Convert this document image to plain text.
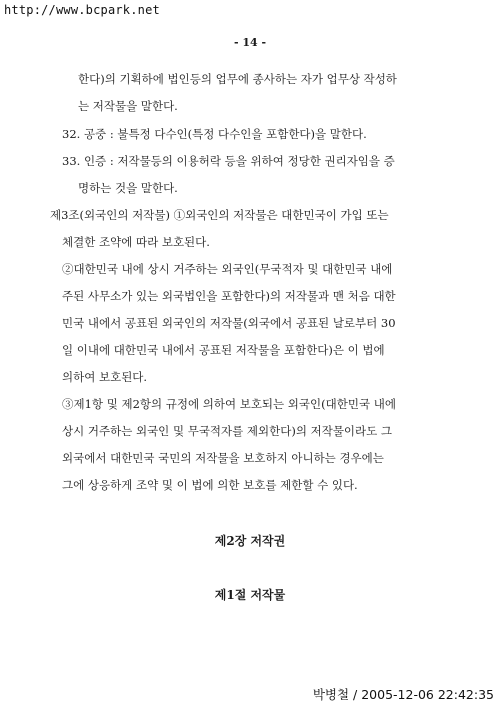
http://www.bcpark.net
- 14 -
한다)의 기획하에 법인등의 업무에 종사하는 자가 업무상 작성하
는 저작물을 말한다.
32. 공중 : 불특정 다수인(특정 다수인을 포함한다)을 말한다.
33. 인증 : 저작물등의 이용허락 등을 위하여 정당한 권리자임을 증
명하는 것을 말한다.
제3조(외국인의 저작물) ①외국인의 저작물은 대한민국이 가입 또는
체결한 조약에 따라 보호된다.
②대한민국 내에 상시 거주하는 외국인(무국적자 및 대한민국 내에
주된 사무소가 있는 외국법인을 포함한다)의 저작물과 맨 처음 대한
민국 내에서 공표된 외국인의 저작물(외국에서 공표된 날로부터 30
일 이내에 대한민국 내에서 공표된 저작물을 포함한다)은 이 법에
의하여 보호된다.
③제1항 및 제2항의 규정에 의하여 보호되는 외국인(대한민국 내에
상시 거주하는 외국인 및 무국적자를 제외한다)의 저작물이라도 그
외국에서 대한민국 국민의 저작물을 보호하지 아니하는 경우에는
그에 상응하게 조약 및 이 법에 의한 보호를 제한할 수 있다.
제2장 저작권
제1절 저작물
박병철 / 2005-12-06 22:42:35
